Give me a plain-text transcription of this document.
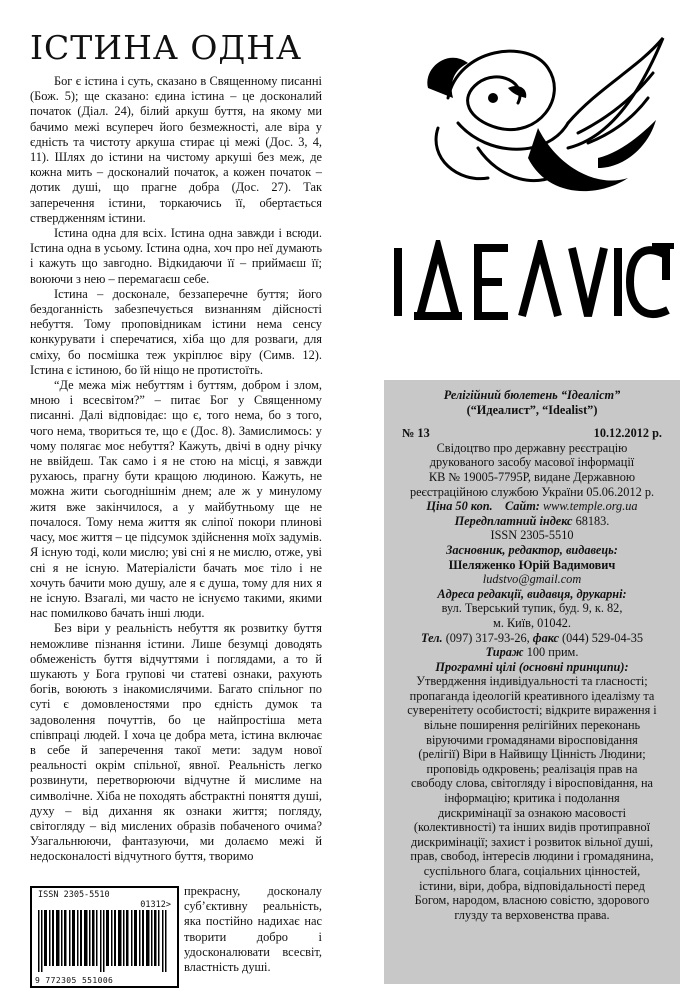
ІСТИНА ОДНА

Бог є істина і суть, сказано в Священному писанні (Бож. 5); ще сказано: єдина істина – це досконалий початок (Діал. 24), білий аркуш буття, на якому ми бачимо межі всупереч його безмежності, але віра у єдність та чистоту аркуша стирає ці межі (Дос. 3, 4, 11). Шлях до істини на чистому аркуші без меж, де кожна мить – досконалий початок, а кожен початок – дотик душі, що прагне добра (Дос. 27). Так заперечення істини, торкаючись її, обертається ствердженням істини.

Істина одна для всіх. Істина одна завжди і всюди. Істина одна в усьому. Істина одна, хоч про неї думають і кажуть що завгодно. Відкидаючи її – приймаєш її; воюючи з нею – перемагаєш себе.

Істина – досконале, беззаперечне буття; його бездоганність забезпечується визнанням дійсності небуття. Тому проповідникам істини нема сенсу конкурувати і сперечатися, хіба що для розваги, для сміху, бо посмішка теж укріплює віру (Симв. 12). Істина є істиною, бо їй ніщо не протистоїть.

“Де межа між небуттям і буттям, добром і злом, мною і всесвітом?” – питає Бог у Священному писанні. Далі відповідає: що є, того нема, бо з того, чого нема, твориться те, що є (Дос. 8). Замислимось: у чому полягає моє небуття? Кажуть, двічі в одну річку не ввійдеш. Так само і я не стою на місці, я завжди рухаюсь, прагну бути кращою людиною. Кажуть, не можна жити сьогоднішнім днем; але ж у минулому житя вже закінчилося, а у майбутньому ще не почалося. Тому нема життя як сліпої покори плинові часу, моє життя – це підсумок здійснення моїх задумів. Я існую тоді, коли мислю; уві сні я не мислю, отже, уві сні я не існую. Матеріалісти бачать моє тіло і не хочуть бачити мою душу, але я є душа, тому для них я не існую. Взагалі, ми часто не існуємо такими, якими нас помилково бачать інші люди.

Без віри у реальність небуття як розвитку буття неможливе пізнання істини. Лише безумці доводять обмеженість буття відчуттями і поглядами, а то й шукають у Бога групові чи статеві ознаки, рахують богів, воюють з інакомислячими. Багато спільног по суті є домовленостями про єдність думок та задоволення почуттів, бо це найпростіша мета співпраці людей. І хоча це добра мета, істина включає в себе й заперечення такої мети: задум нової реальності окрім спільної, явної. Реальність легко розвинути, перетворюючи відчутне й мислиме на символічне. Хіба не походять абстрактні поняття душі, духу – від дихання як ознаки життя; погляду, світогляду – від мислених образів побаченого очима? Узагальнюючи, фантазуючи, ми долаємо межі й недосконалості відчутного буття, творимо

ISSN 2305-5510
01312>
9 772305 551006

прекрасну, досконалу суб’єктивну реальність, яка постійно надихає нас творити добро і удосконалювати всесвіт, властність душі.

Релігійний бюлетень “Ідеаліст”
(“Идеалист”, “Idealist”)
№ 13	10.12.2012 р.
Свідоцтво про державну реєстрацію
друкованого засобу масової інформації
КВ № 19005-7795Р, видане Державною
реєстраційною службою України 05.06.2012 р.
Ціна 50 коп. Сайт: www.temple.org.ua
Передплатний індекс 68183.
ISSN 2305-5510
Засновник, редактор, видавець:
Шеляженко Юрій Вадимович
ludstvo@gmail.com
Адреса редакції, видавця, друкарні:
вул. Тверський тупик, буд. 9, к. 82,
м. Київ, 01042.
Тел. (097) 317-93-26, факс (044) 529-04-35
Тираж 100 прим.
Програмні цілі (основні принципи):
Утвердження індивідуальності та гласності;
пропаганда ідеологій креативного ідеалізму та
суверенітету особистості; відкрите вираження і
вільне поширення релігійних переконань
віруючими громадянами віросповідання
(релігії) Віри в Найвищу Цінність Людини;
проповідь одкровень; реалізація прав на
свободу слова, світогляду і віросповідання, на
інформацію; критика і подолання
дискримінації за ознакою масовості
(колективності) та інших видів протиправної
дискримінації; захист і розвиток вільної душі,
прав, свобод, інтересів людини і громадянина,
суспільного блага, соціальних цінностей,
істини, віри, добра, відповідальності перед
Богом, народом, власною совістю, здорового
глузду та верховенства права.
